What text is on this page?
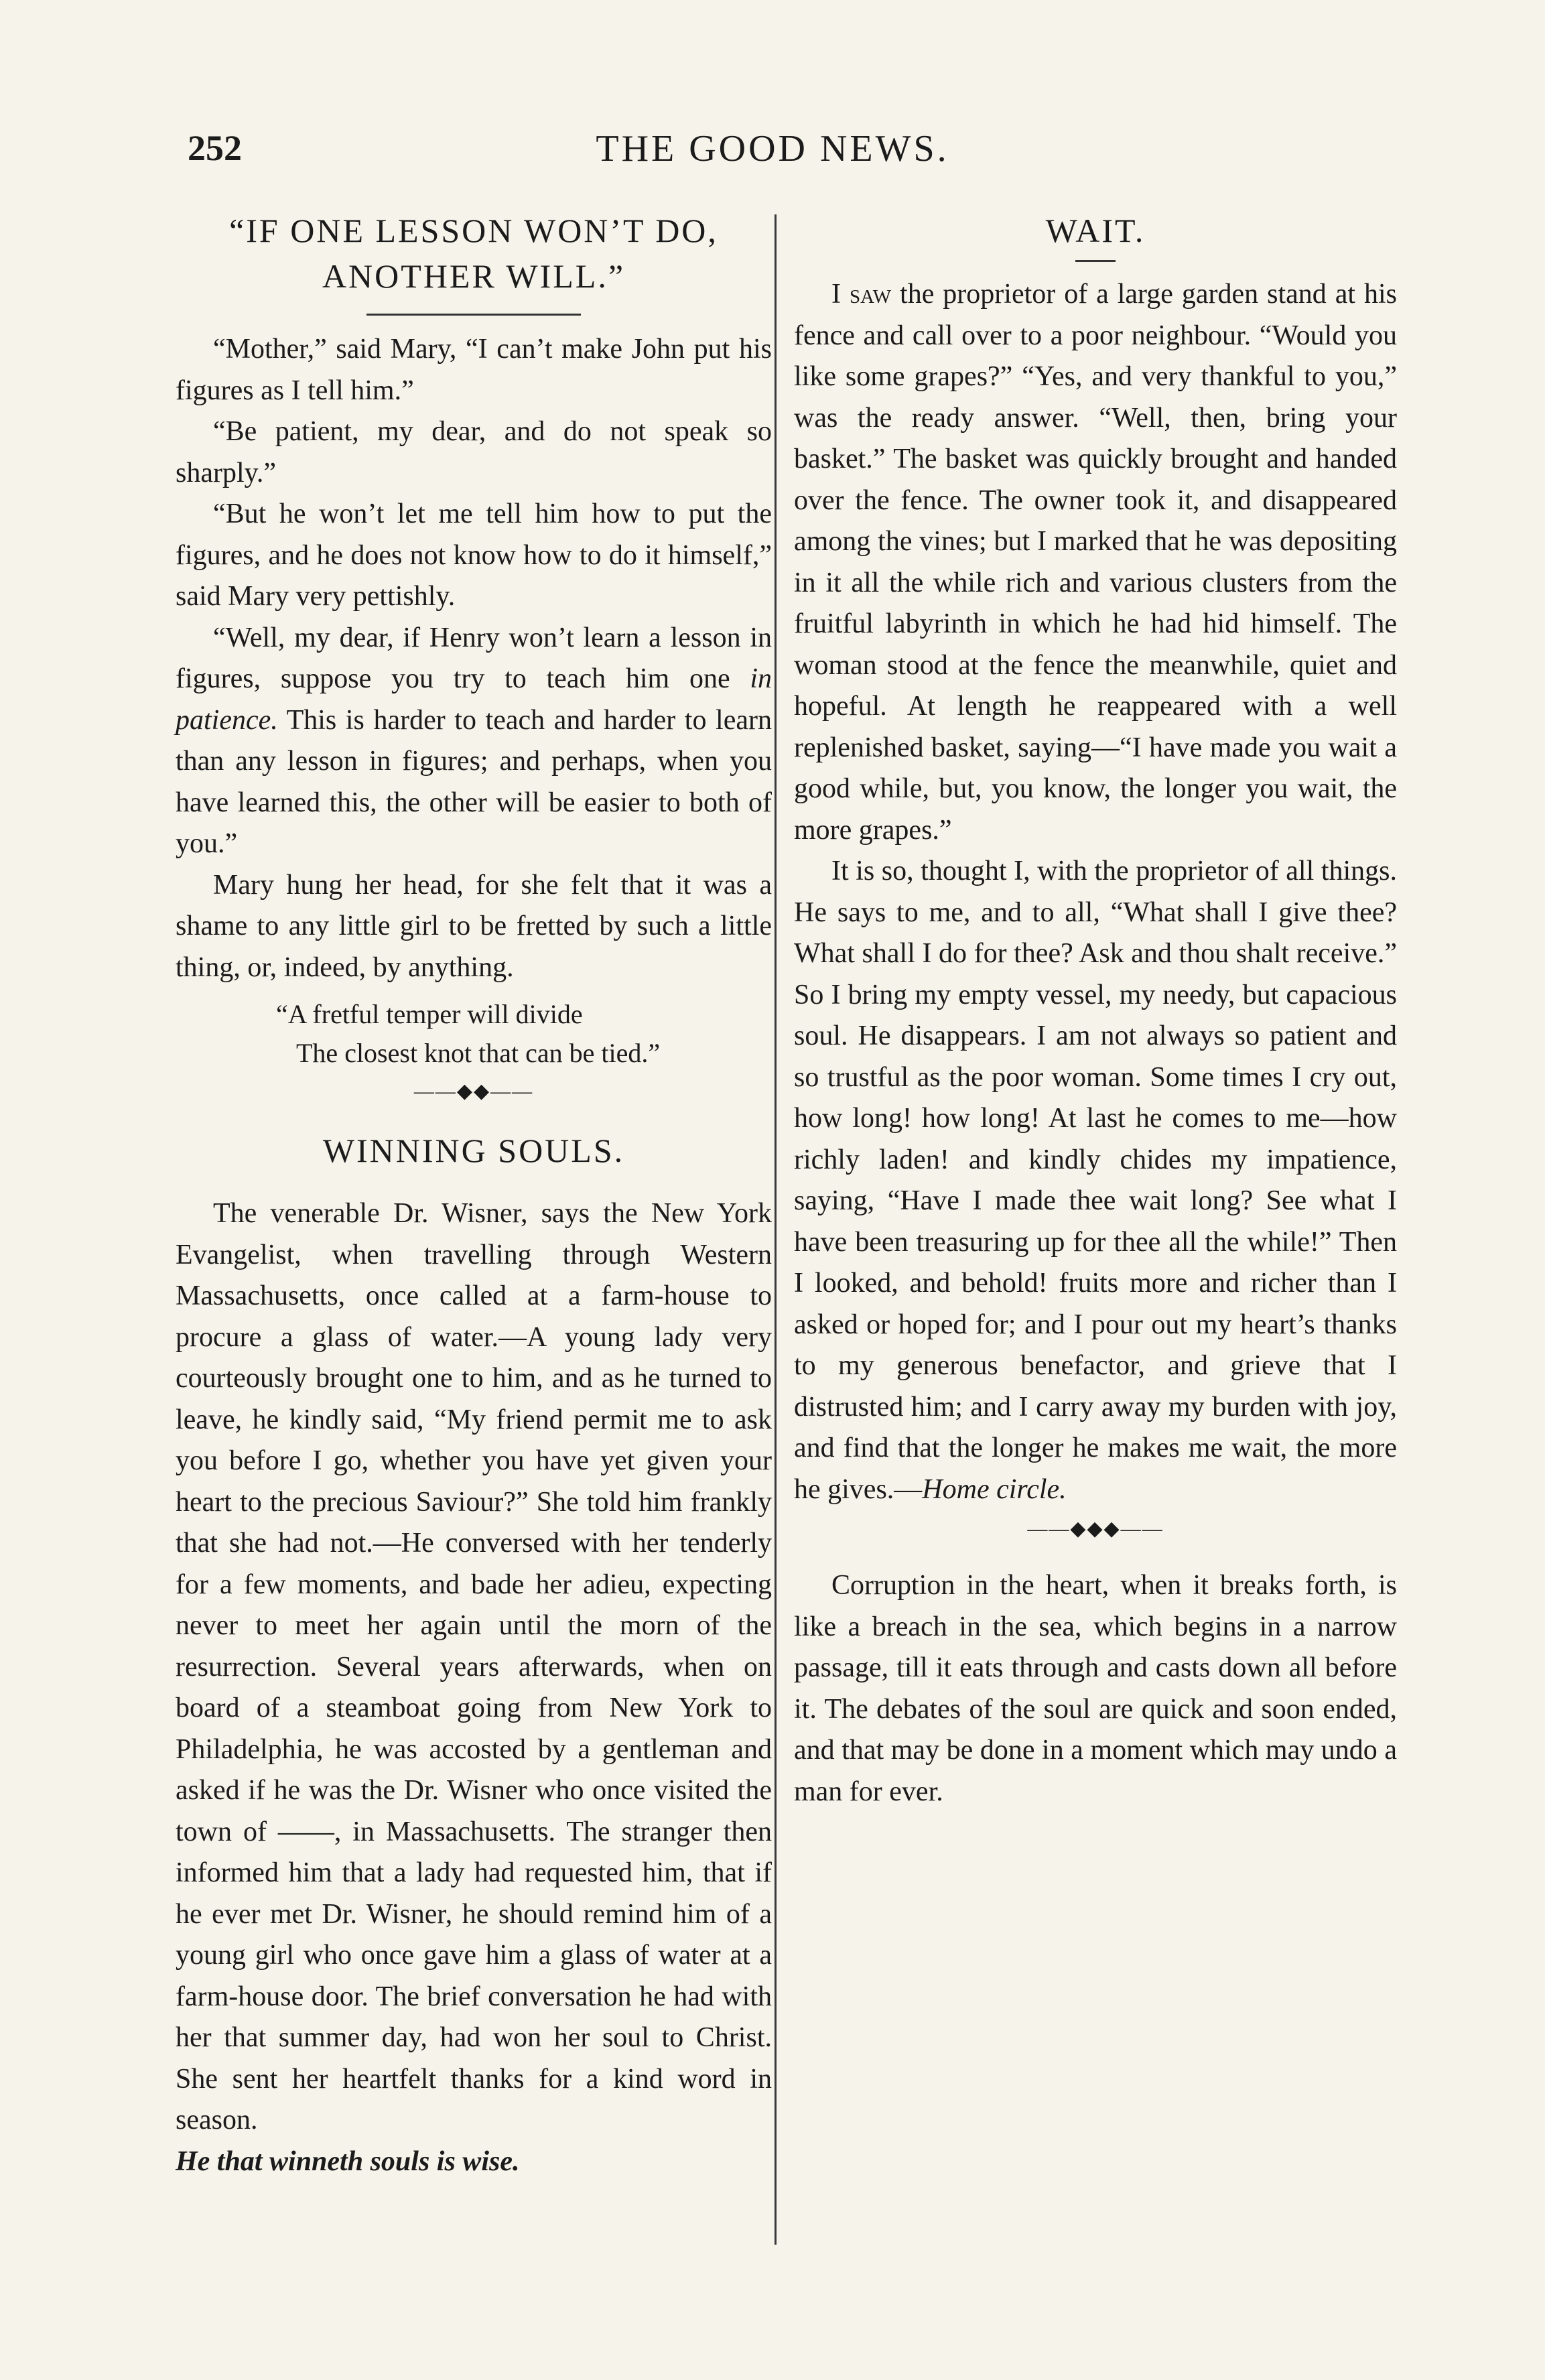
252	THE GOOD NEWS.
“IF ONE LESSON WON’T DO,
ANOTHER WILL.”

“Mother,” said Mary, “I can’t make John put his figures as I tell him.”

“Be patient, my dear, and do not speak so sharply.”

“But he won’t let me tell him how to put the figures, and he does not know how to do it himself,” said Mary very pettishly.

“Well, my dear, if Henry won’t learn a lesson in figures, suppose you try to teach him one in patience. This is harder to teach and harder to learn than any lesson in figures; and perhaps, when you have learned this, the other will be easier to both of you.”

Mary hung her head, for she felt that it was a shame to any little girl to be fretted by such a little thing, or, indeed, by anything.

“A fretful temper will divide
The closest knot that can be tied.”
——◆◆——
WINNING SOULS.

The venerable Dr. Wisner, says the New York Evangelist, when travelling through Western Massachusetts, once called at a farm-house to procure a glass of water.—A young lady very courteously brought one to him, and as he turned to leave, he kindly said, “My friend permit me to ask you before I go, whether you have yet given your heart to the precious Saviour?” She told him frankly that she had not.—He conversed with her tenderly for a few moments, and bade her adieu, expecting never to meet her again until the morn of the resurrection. Several years afterwards, when on board of a steamboat going from New York to Philadelphia, he was accosted by a gentleman and asked if he was the Dr. Wisner who once visited the town of ——, in Massachusetts. The stranger then informed him that a lady had requested him, that if he ever met Dr. Wisner, he should remind him of a young girl who once gave him a glass of water at a farm-house door. The brief conversation he had with her that summer day, had won her soul to Christ. She sent her heartfelt thanks for a kind word in season.

He that winneth souls is wise.

WAIT.

I saw the proprietor of a large garden stand at his fence and call over to a poor neighbour. “Would you like some grapes?” “Yes, and very thankful to you,” was the ready answer. “Well, then, bring your basket.” The basket was quickly brought and handed over the fence. The owner took it, and disappeared among the vines; but I marked that he was depositing in it all the while rich and various clusters from the fruitful labyrinth in which he had hid himself. The woman stood at the fence the meanwhile, quiet and hopeful. At length he reappeared with a well replenished basket, saying—“I have made you wait a good while, but, you know, the longer you wait, the more grapes.”

It is so, thought I, with the proprietor of all things. He says to me, and to all, “What shall I give thee? What shall I do for thee? Ask and thou shalt receive.” So I bring my empty vessel, my needy, but capacious soul. He disappears. I am not always so patient and so trustful as the poor woman. Some times I cry out, how long! how long! At last he comes to me—how richly laden! and kindly chides my impatience, saying, “Have I made thee wait long? See what I have been treasuring up for thee all the while!” Then I looked, and behold! fruits more and richer than I asked or hoped for; and I pour out my heart’s thanks to my generous benefactor, and grieve that I distrusted him; and I carry away my burden with joy, and find that the longer he makes me wait, the more he gives.—Home circle.

——◆◆◆——

Corruption in the heart, when it breaks forth, is like a breach in the sea, which begins in a narrow passage, till it eats through and casts down all before it. The debates of the soul are quick and soon ended, and that may be done in a moment which may undo a man for ever.
